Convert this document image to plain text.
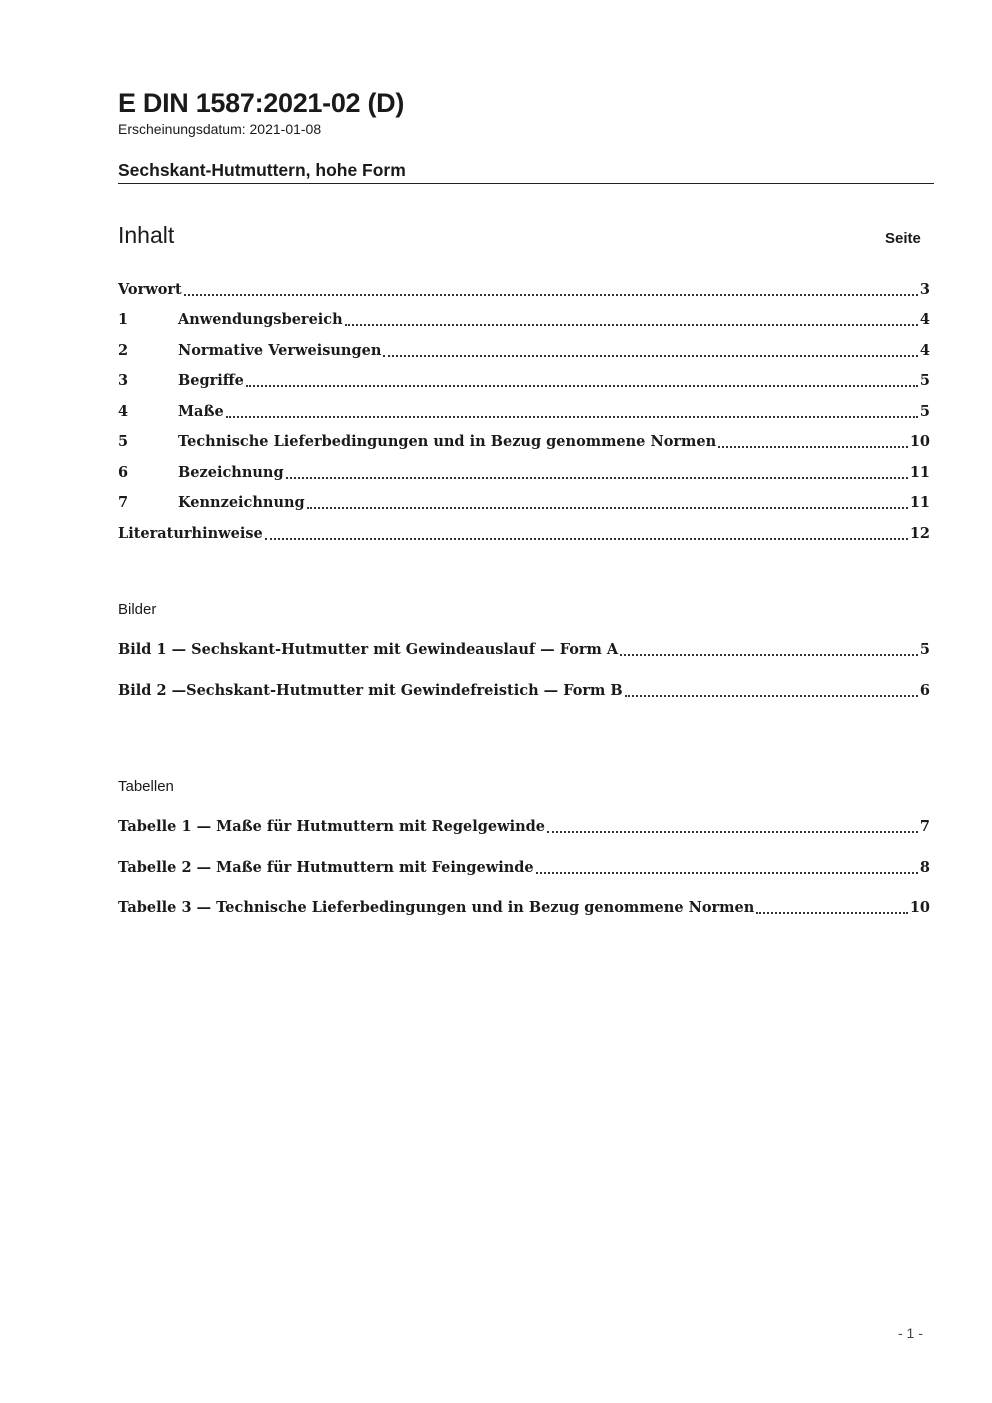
E DIN 1587:2021-02 (D)
Erscheinungsdatum: 2021-01-08
Sechskant-Hutmuttern, hohe Form
Inhalt	Seite
Vorwort	3
1	Anwendungsbereich	4
2	Normative Verweisungen	4
3	Begriffe	5
4	Maße	5
5	Technische Lieferbedingungen und in Bezug genommene Normen	10
6	Bezeichnung	11
7	Kennzeichnung	11
Literaturhinweise	12
Bilder
Bild 1 — Sechskant-Hutmutter mit Gewindeauslauf — Form A	5
Bild 2 —Sechskant-Hutmutter mit Gewindefreistich — Form B	6
Tabellen
Tabelle 1 — Maße für Hutmuttern mit Regelgewinde	7
Tabelle 2 — Maße für Hutmuttern mit Feingewinde	8
Tabelle 3 — Technische Lieferbedingungen und in Bezug genommene Normen	10
- 1 -
